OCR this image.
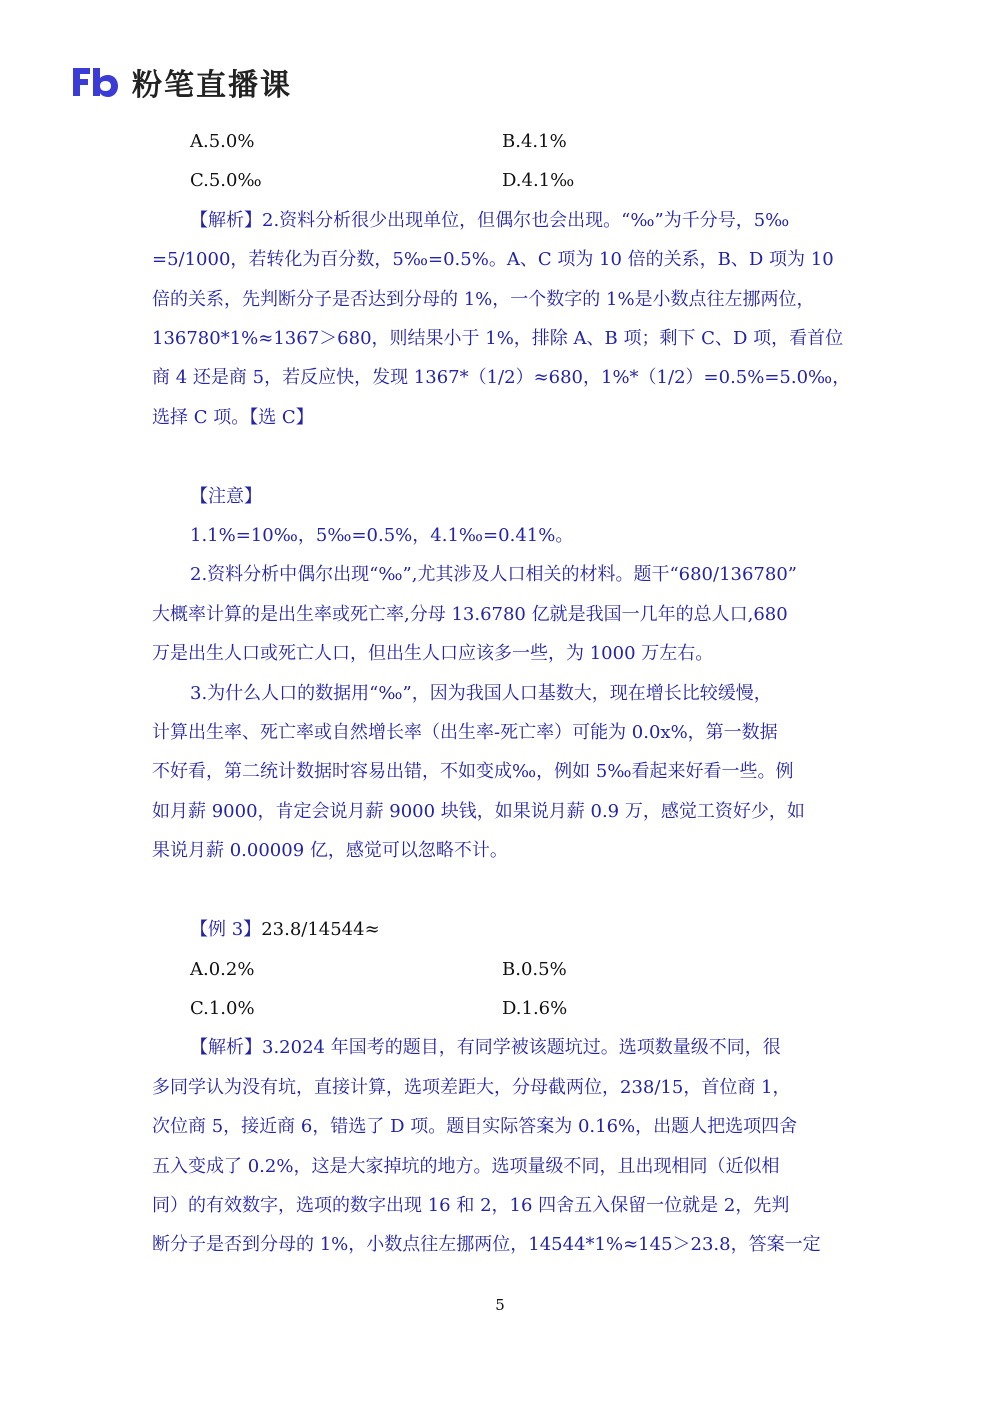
粉笔直播课
A.5.0%	B.4.1%
C.5.0‰	D.4.1‰
【解析】2.资料分析很少出现单位，但偶尔也会出现。“‰”为千分号，5‰
=5/1000，若转化为百分数，5‰=0.5%。A、C 项为 10 倍的关系，B、D 项为 10
倍的关系，先判断分子是否达到分母的 1%，一个数字的 1%是小数点往左挪两位，
136780*1%≈1367＞680，则结果小于 1%，排除 A、B 项；剩下 C、D 项，看首位
商 4 还是商 5，若反应快，发现 1367*（1/2）≈680，1%*（1/2）=0.5%=5.0‰，
选择 C 项。【选 C】
【注意】
1.1%=10‰，5‰=0.5%，4.1‰=0.41%。
2.资料分析中偶尔出现“‰”,尤其涉及人口相关的材料。题干“680/136780”
大概率计算的是出生率或死亡率,分母 13.6780 亿就是我国一几年的总人口,680
万是出生人口或死亡人口，但出生人口应该多一些，为 1000 万左右。
3.为什么人口的数据用“‰”，因为我国人口基数大，现在增长比较缓慢，
计算出生率、死亡率或自然增长率（出生率-死亡率）可能为 0.0x%，第一数据
不好看，第二统计数据时容易出错，不如变成‰，例如 5‰看起来好看一些。例
如月薪 9000，肯定会说月薪 9000 块钱，如果说月薪 0.9 万，感觉工资好少，如
果说月薪 0.00009 亿，感觉可以忽略不计。
【例 3】23.8/14544≈
A.0.2%	B.0.5%
C.1.0%	D.1.6%
【解析】3.2024 年国考的题目，有同学被该题坑过。选项数量级不同，很
多同学认为没有坑，直接计算，选项差距大，分母截两位，238/15，首位商 1，
次位商 5，接近商 6，错选了 D 项。题目实际答案为 0.16%，出题人把选项四舍
五入变成了 0.2%，这是大家掉坑的地方。选项量级不同，且出现相同（近似相
同）的有效数字，选项的数字出现 16 和 2，16 四舍五入保留一位就是 2，先判
断分子是否到分母的 1%，小数点往左挪两位，14544*1%≈145＞23.8，答案一定
5
